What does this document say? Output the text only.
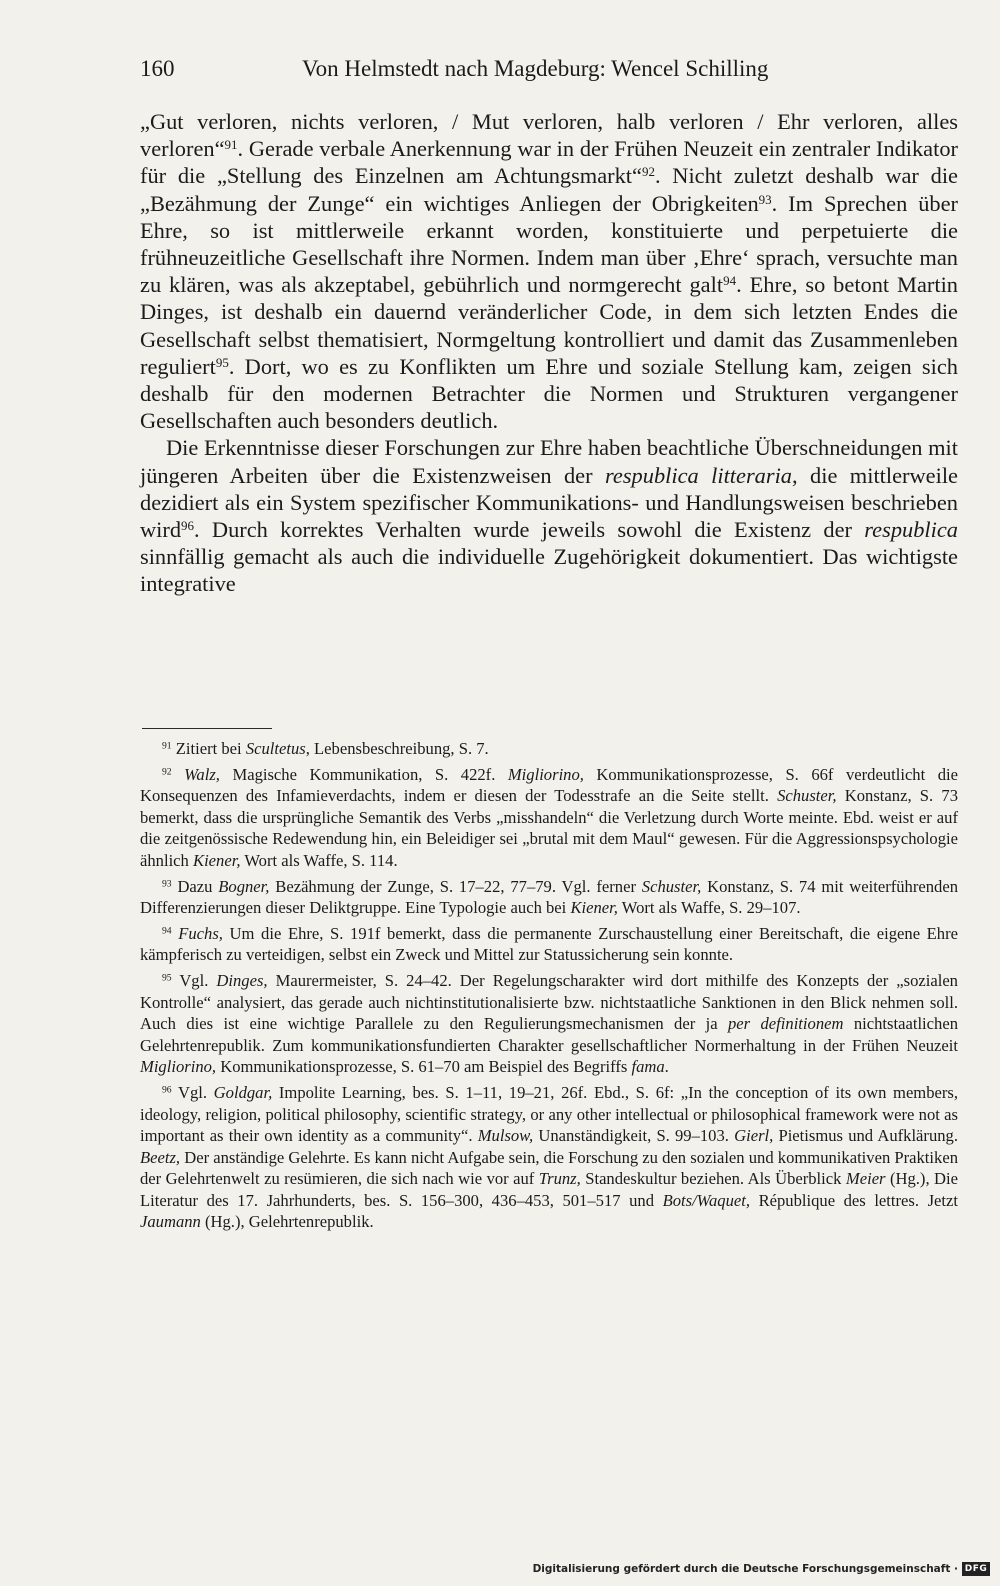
160	Von Helmstedt nach Magdeburg: Wencel Schilling

„Gut verloren, nichts verloren, / Mut verloren, halb verloren / Ehr verloren, alles verloren“$^{91}$. Gerade verbale Anerkennung war in der Frühen Neuzeit ein zentraler Indikator für die „Stellung des Einzelnen am Achtungsmarkt“$^{92}$. Nicht zuletzt deshalb war die „Bezähmung der Zunge“ ein wichtiges Anliegen der Obrigkeiten$^{93}$. Im Sprechen über Ehre, so ist mittlerweile erkannt worden, konstituierte und perpetuierte die frühneuzeitliche Gesellschaft ihre Normen. Indem man über ‚Ehre‘ sprach, versuchte man zu klären, was als akzeptabel, gebührlich und normgerecht galt$^{94}$. Ehre, so betont Martin Dinges, ist deshalb ein dauernd veränderlicher Code, in dem sich letzten Endes die Gesellschaft selbst thematisiert, Normgeltung kontrolliert und damit das Zusammenleben reguliert$^{95}$. Dort, wo es zu Konflikten um Ehre und soziale Stellung kam, zeigen sich deshalb für den modernen Betrachter die Normen und Strukturen vergangener Gesellschaften auch besonders deutlich.

Die Erkenntnisse dieser Forschungen zur Ehre haben beachtliche Überschneidungen mit jüngeren Arbeiten über die Existenzweisen der respublica litteraria, die mittlerweile dezidiert als ein System spezifischer Kommunikations- und Handlungsweisen beschrieben wird$^{96}$. Durch korrektes Verhalten wurde jeweils sowohl die Existenz der respublica sinnfällig gemacht als auch die individuelle Zugehörigkeit dokumentiert. Das wichtigste integrative

$^{91}$ Zitiert bei Scultetus, Lebensbeschreibung, S. 7.

$^{92}$ Walz, Magische Kommunikation, S. 422f. Migliorino, Kommunikationsprozesse, S. 66f verdeutlicht die Konsequenzen des Infamieverdachts, indem er diesen der Todesstrafe an die Seite stellt. Schuster, Konstanz, S. 73 bemerkt, dass die ursprüngliche Semantik des Verbs „misshandeln“ die Verletzung durch Worte meinte. Ebd. weist er auf die zeitgenössische Redewendung hin, ein Beleidiger sei „brutal mit dem Maul“ gewesen. Für die Aggressionspsychologie ähnlich Kiener, Wort als Waffe, S. 114.

$^{93}$ Dazu Bogner, Bezähmung der Zunge, S. 17–22, 77–79. Vgl. ferner Schuster, Konstanz, S. 74 mit weiterführenden Differenzierungen dieser Deliktgruppe. Eine Typologie auch bei Kiener, Wort als Waffe, S. 29–107.

$^{94}$ Fuchs, Um die Ehre, S. 191f bemerkt, dass die permanente Zurschaustellung einer Bereitschaft, die eigene Ehre kämpferisch zu verteidigen, selbst ein Zweck und Mittel zur Statussicherung sein konnte.

$^{95}$ Vgl. Dinges, Maurermeister, S. 24–42. Der Regelungscharakter wird dort mithilfe des Konzepts der „sozialen Kontrolle“ analysiert, das gerade auch nichtinstitutionalisierte bzw. nichtstaatliche Sanktionen in den Blick nehmen soll. Auch dies ist eine wichtige Parallele zu den Regulierungsmechanismen der ja per definitionem nichtstaatlichen Gelehrtenrepublik. Zum kommunikationsfundierten Charakter gesellschaftlicher Normerhaltung in der Frühen Neuzeit Migliorino, Kommunikationsprozesse, S. 61–70 am Beispiel des Begriffs fama.

$^{96}$ Vgl. Goldgar, Impolite Learning, bes. S. 1–11, 19–21, 26f. Ebd., S. 6f: „In the conception of its own members, ideology, religion, political philosophy, scientific strategy, or any other intellectual or philosophical framework were not as important as their own identity as a community“. Mulsow, Unanständigkeit, S. 99–103. Gierl, Pietismus und Aufklärung. Beetz, Der anständige Gelehrte. Es kann nicht Aufgabe sein, die Forschung zu den sozialen und kommunikativen Praktiken der Gelehrtenwelt zu resümieren, die sich nach wie vor auf Trunz, Standeskultur beziehen. Als Überblick Meier (Hg.), Die Literatur des 17. Jahrhunderts, bes. S. 156–300, 436–453, 501–517 und Bots/Waquet, République des lettres. Jetzt Jaumann (Hg.), Gelehrtenrepublik.

Digitalisierung gefördert durch die Deutsche Forschungsgemeinschaft · DFG
